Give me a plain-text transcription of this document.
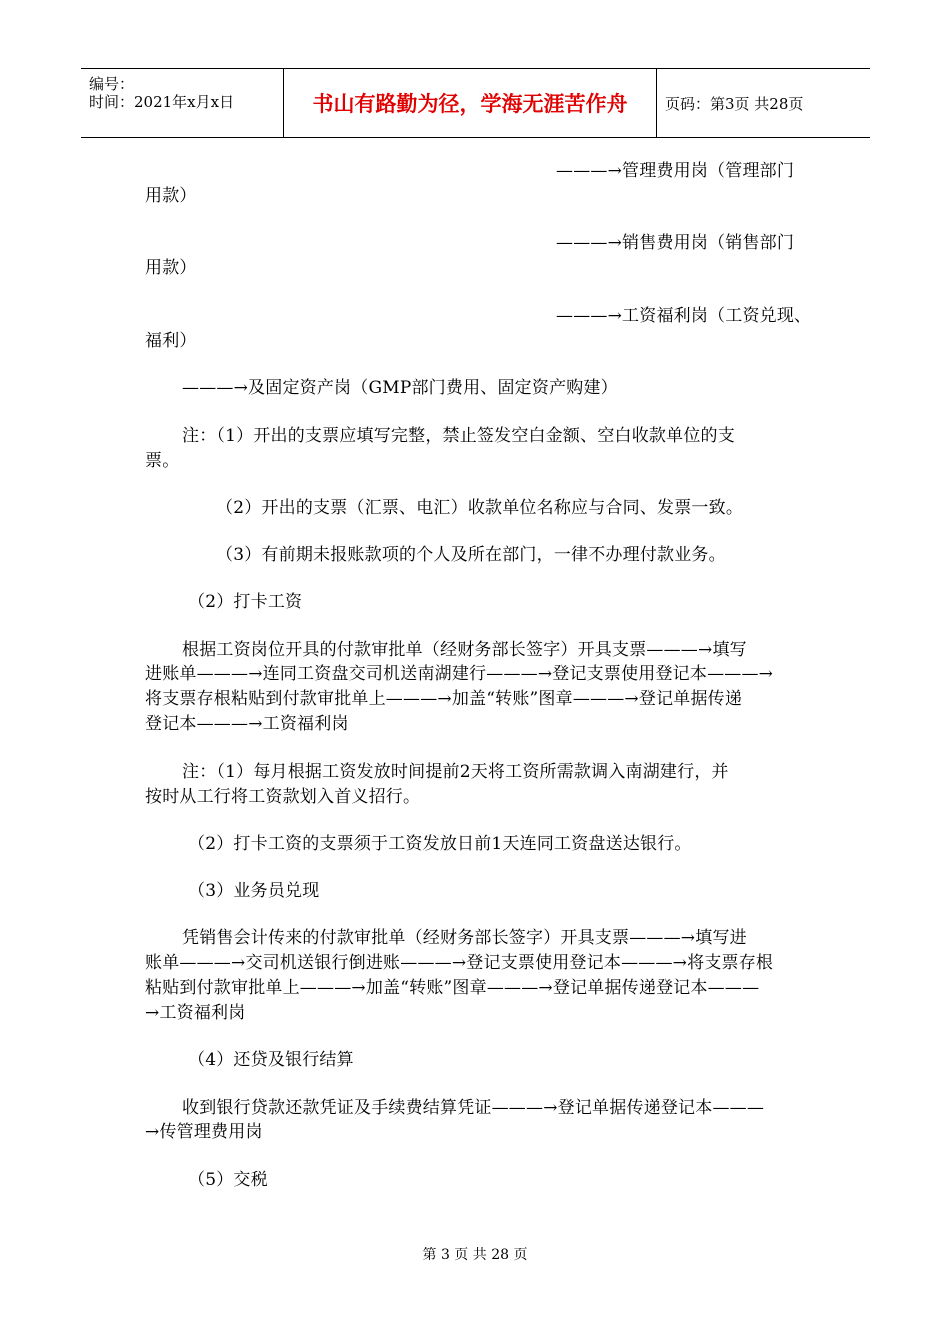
编号：
时间：2021年x月x日	书山有路勤为径，学海无涯苦作舟	页码：第3页 共28页
———→管理费用岗（管理部门
用款）
———→销售费用岗（销售部门
用款）
———→工资福利岗（工资兑现、
福利）
———→及固定资产岗（GMP部门费用、固定资产购建）
注：（1）开出的支票应填写完整，禁止签发空白金额、空白收款单位的支
票。
（2）开出的支票（汇票、电汇）收款单位名称应与合同、发票一致。
（3）有前期未报账款项的个人及所在部门，一律不办理付款业务。
（2）打卡工资
根据工资岗位开具的付款审批单（经财务部长签字）开具支票———→填写
进账单———→连同工资盘交司机送南湖建行———→登记支票使用登记本———→
将支票存根粘贴到付款审批单上———→加盖“转账”图章———→登记单据传递
登记本———→工资福利岗
注：（1）每月根据工资发放时间提前2天将工资所需款调入南湖建行，并
按时从工行将工资款划入首义招行。
（2）打卡工资的支票须于工资发放日前1天连同工资盘送达银行。
（3）业务员兑现
凭销售会计传来的付款审批单（经财务部长签字）开具支票———→填写进
账单———→交司机送银行倒进账———→登记支票使用登记本———→将支票存根
粘贴到付款审批单上———→加盖“转账”图章———→登记单据传递登记本———
→工资福利岗
（4）还贷及银行结算
收到银行贷款还款凭证及手续费结算凭证———→登记单据传递登记本———
→传管理费用岗
（5）交税
第 3 页 共 28 页
